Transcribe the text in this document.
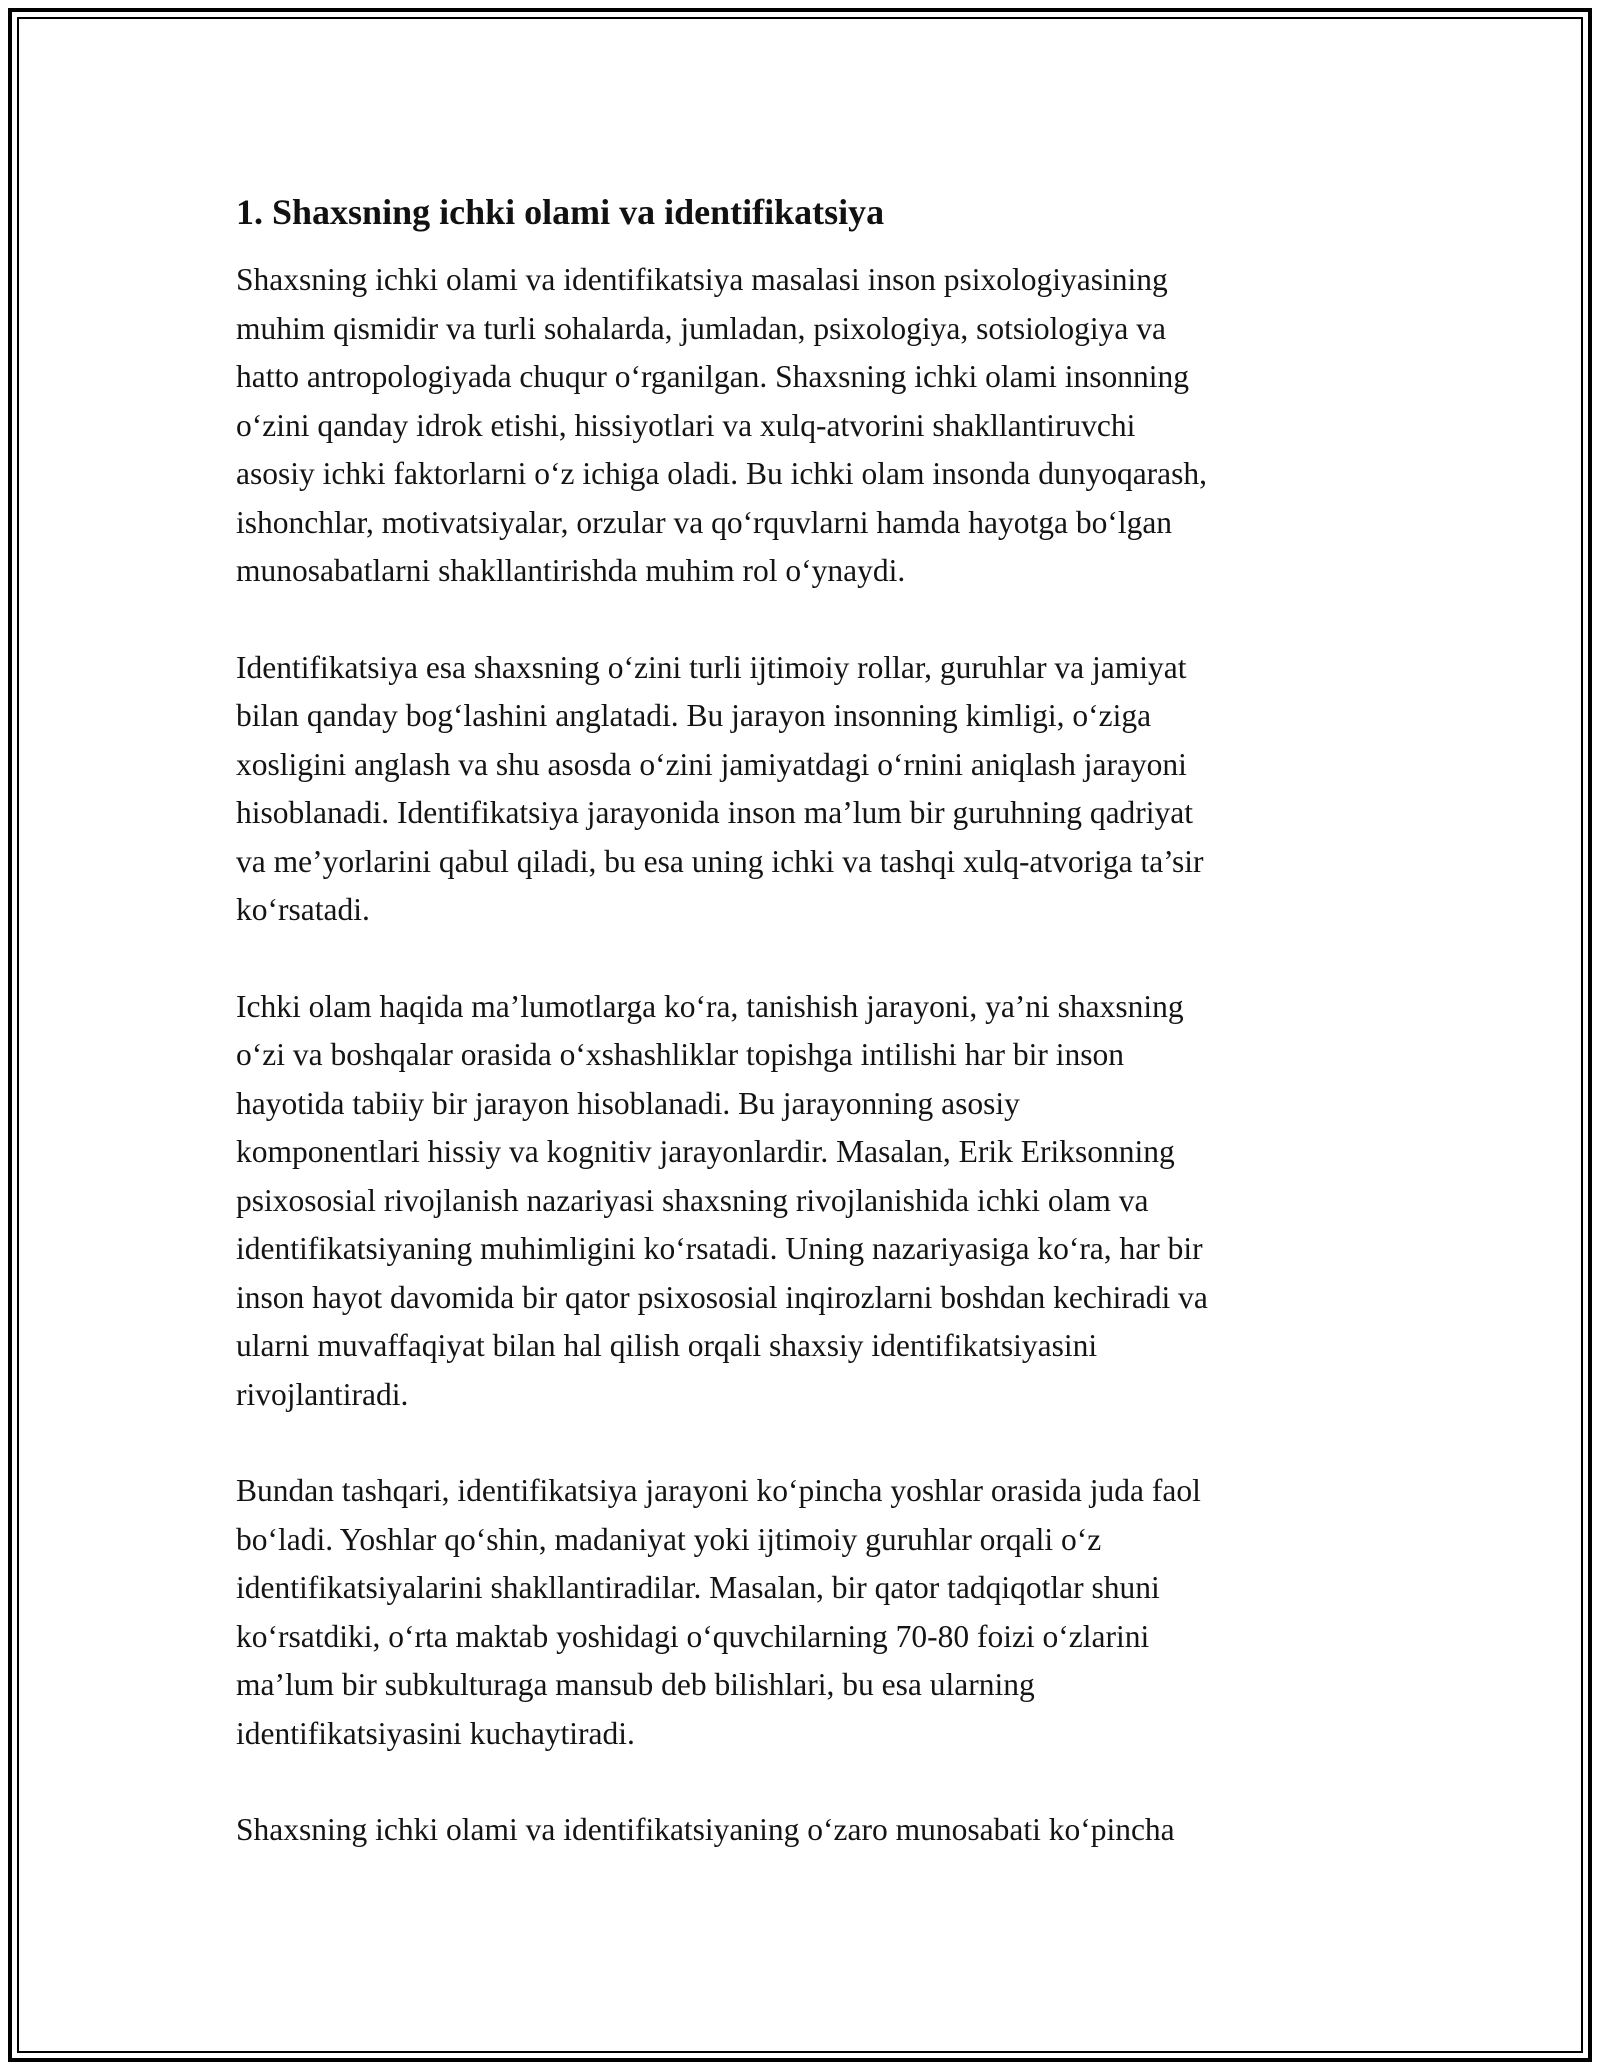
1. Shaxsning ichki olami va identifikatsiya

Shaxsning ichki olami va identifikatsiya masalasi inson psixologiyasining
muhim qismidir va turli sohalarda, jumladan, psixologiya, sotsiologiya va
hatto antropologiyada chuqur o‘rganilgan. Shaxsning ichki olami insonning
o‘zini qanday idrok etishi, hissiyotlari va xulq-atvorini shakllantiruvchi
asosiy ichki faktorlarni o‘z ichiga oladi. Bu ichki olam insonda dunyoqarash,
ishonchlar, motivatsiyalar, orzular va qo‘rquvlarni hamda hayotga bo‘lgan
munosabatlarni shakllantirishda muhim rol o‘ynaydi.

Identifikatsiya esa shaxsning o‘zini turli ijtimoiy rollar, guruhlar va jamiyat
bilan qanday bog‘lashini anglatadi. Bu jarayon insonning kimligi, o‘ziga
xosligini anglash va shu asosda o‘zini jamiyatdagi o‘rnini aniqlash jarayoni
hisoblanadi. Identifikatsiya jarayonida inson ma’lum bir guruhning qadriyat
va me’yorlarini qabul qiladi, bu esa uning ichki va tashqi xulq-atvoriga ta’sir
ko‘rsatadi.

Ichki olam haqida ma’lumotlarga ko‘ra, tanishish jarayoni, ya’ni shaxsning
o‘zi va boshqalar orasida o‘xshashliklar topishga intilishi har bir inson
hayotida tabiiy bir jarayon hisoblanadi. Bu jarayonning asosiy
komponentlari hissiy va kognitiv jarayonlardir. Masalan, Erik Eriksonning
psixososial rivojlanish nazariyasi shaxsning rivojlanishida ichki olam va
identifikatsiyaning muhimligini ko‘rsatadi. Uning nazariyasiga ko‘ra, har bir
inson hayot davomida bir qator psixososial inqirozlarni boshdan kechiradi va
ularni muvaffaqiyat bilan hal qilish orqali shaxsiy identifikatsiyasini
rivojlantiradi.

Bundan tashqari, identifikatsiya jarayoni ko‘pincha yoshlar orasida juda faol
bo‘ladi. Yoshlar qo‘shin, madaniyat yoki ijtimoiy guruhlar orqali o‘z
identifikatsiyalarini shakllantiradilar. Masalan, bir qator tadqiqotlar shuni
ko‘rsatdiki, o‘rta maktab yoshidagi o‘quvchilarning 70-80 foizi o‘zlarini
ma’lum bir subkulturaga mansub deb bilishlari, bu esa ularning
identifikatsiyasini kuchaytiradi.

Shaxsning ichki olami va identifikatsiyaning o‘zaro munosabati ko‘pincha
